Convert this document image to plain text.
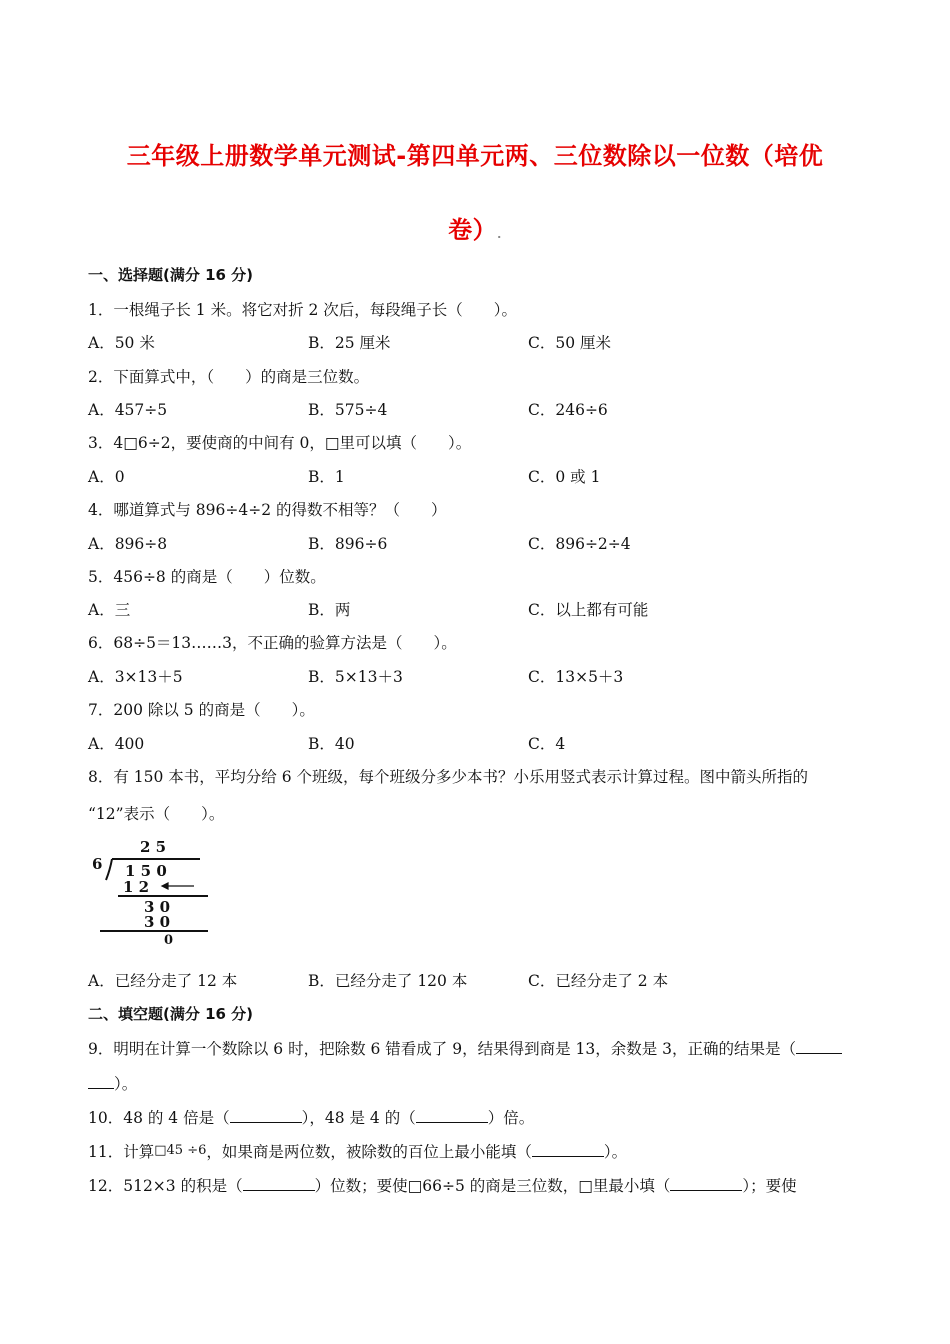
三年级上册数学单元测试-第四单元两、三位数除以一位数（培优
卷）.
一、选择题(满分 16 分)
1．一根绳子长 1 米。将它对折 2 次后，每段绳子长（　　）。
A．50 米	B．25 厘米	C．50 厘米
2．下面算式中，（　　）的商是三位数。
A．457÷5	B．575÷4	C．246÷6
3．4□6÷2，要使商的中间有 0，□里可以填（　　）。
A．0	B．1	C．0 或 1
4．哪道算式与 896÷4÷2 的得数不相等？（　　）
A．896÷8	B．896÷6	C．896÷2÷4
5．456÷8 的商是（　　）位数。
A．三	B．两	C．以上都有可能
6．68÷5＝13……3，不正确的验算方法是（　　）。
A．3×13＋5	B．5×13＋3	C．13×5＋3
7．200 除以 5 的商是（　　）。
A．400	B．40	C．4
8．有 150 本书，平均分给 6 个班级，每个班级分多少本书？小乐用竖式表示计算过程。图中箭头所指的
“12”表示（　　）。
2 5
6 1 5 0
1 2
3 0
3 0
0
A．已经分走了 12 本	B．已经分走了 120 本	C．已经分走了 2 本
二、填空题(满分 16 分)
9．明明在计算一个数除以 6 时，把除数 6 错看成了 9，结果得到商是 13，余数是 3，正确的结果是（
）。
10．48 的 4 倍是（	），48 是 4 的（	）倍。
11．计算□45 ÷6，如果商是两位数，被除数的百位上最小能填（	）。
12．512×3 的积是（	）位数；要使□66÷5 的商是三位数，□里最小填（	）；要使
